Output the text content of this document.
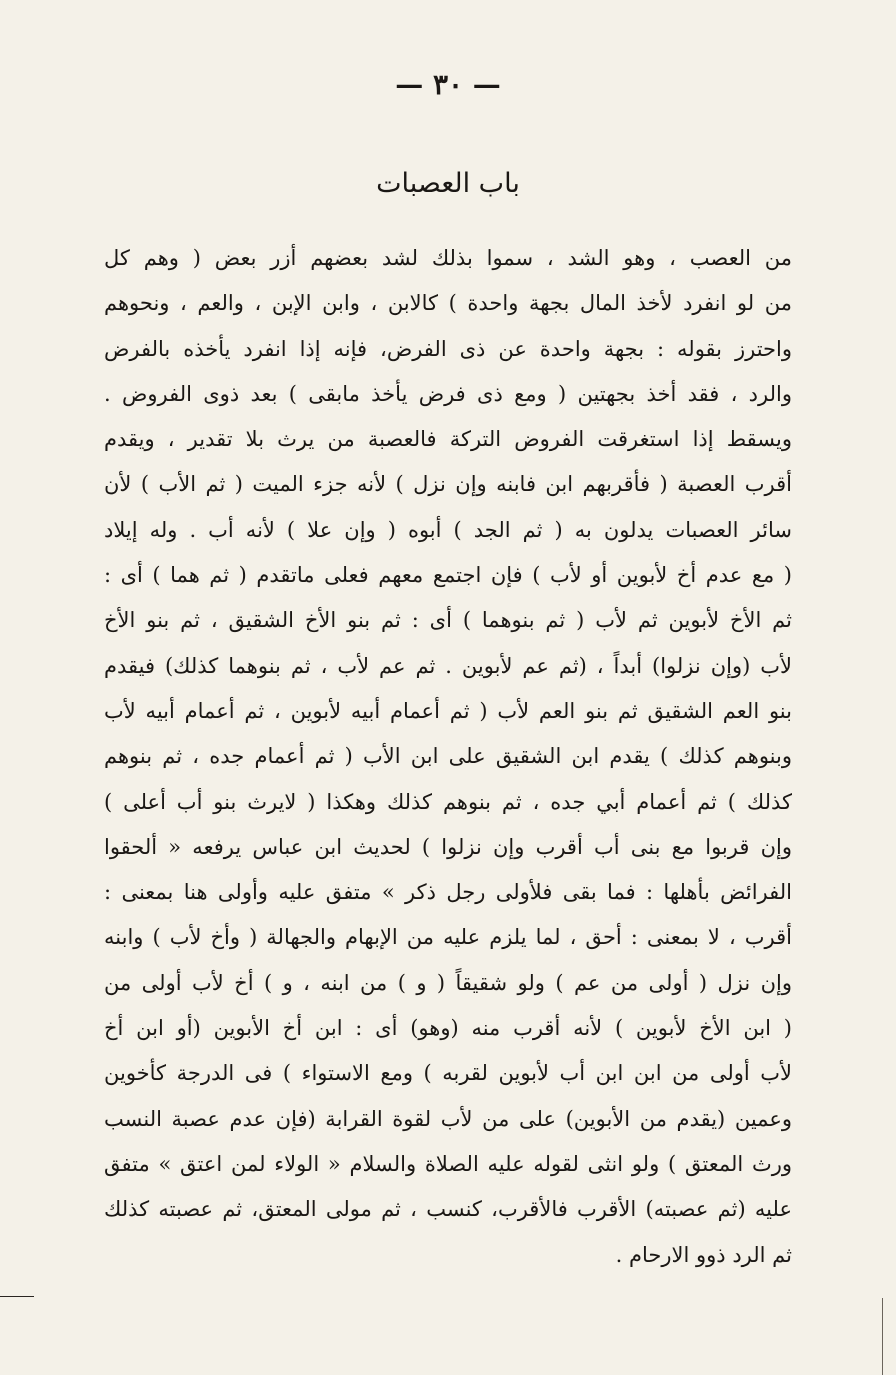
— ٣٠ —
باب العصبات
من العصب ، وهو الشد ، سموا بذلك لشد بعضهم أزر بعض ( وهم كل
من لو انفرد لأخذ المال بجهة واحدة ) كالابن ، وابن الإبن ، والعم ، ونحوهم
واحترز بقوله : بجهة واحدة عن ذى الفرض، فإنه إذا انفرد يأخذه بالفرض
والرد ، فقد أخذ بجهتين ( ومع ذى فرض يأخذ مابقى ) بعد ذوى الفروض .
ويسقط إذا استغرقت الفروض التركة فالعصبة من يرث بلا تقدير ، ويقدم
أقرب العصبة ( فأقربهم ابن فابنه وإن نزل ) لأنه جزء الميت ( ثم الأب ) لأن
سائر العصبات يدلون به ( ثم الجد ) أبوه ( وإن علا ) لأنه أب . وله إيلاد
( مع عدم أخ لأبوين أو لأب ) فإن اجتمع معهم فعلى ماتقدم ( ثم هما ) أى :
ثم الأخ لأبوين ثم لأب ( ثم بنوهما ) أى : ثم بنو الأخ الشقيق ، ثم بنو الأخ
لأب (وإن نزلوا) أبداً ، (ثم عم لأبوين . ثم عم لأب ، ثم بنوهما كذلك) فيقدم
بنو العم الشقيق ثم بنو العم لأب ( ثم أعمام أبيه لأبوين ، ثم أعمام أبيه لأب
وبنوهم كذلك ) يقدم ابن الشقيق على ابن الأب ( ثم أعمام جده ، ثم بنوهم
كذلك ) ثم أعمام أبي جده ، ثم بنوهم كذلك وهكذا ( لايرث بنو أب أعلى )
وإن قربوا مع بنى أب أقرب وإن نزلوا ) لحديث ابن عباس يرفعه « ألحقوا
الفرائض بأهلها : فما بقى فلأولى رجل ذكر » متفق عليه وأولى هنا بمعنى :
أقرب ، لا بمعنى : أحق ، لما يلزم عليه من الإبهام والجهالة ( وأخ لأب ) وابنه
وإن نزل ( أولى من عم ) ولو شقيقاً ( و ) من ابنه ، و ) أخ لأب أولى من
( ابن الأخ لأبوين ) لأنه أقرب منه (وهو) أى : ابن أخ الأبوين (أو ابن أخ
لأب أولى من ابن ابن أب لأبوين لقربه ) ومع الاستواء ) فى الدرجة كأخوين
وعمين (يقدم من الأبوين) على من لأب لقوة القرابة (فإن عدم عصبة النسب
ورث المعتق ) ولو انثى لقوله عليه الصلاة والسلام « الولاء لمن اعتق » متفق
عليه (ثم عصبته) الأقرب فالأقرب، كنسب ، ثم مولى المعتق، ثم عصبته كذلك
ثم الرد ذوو الارحام .
